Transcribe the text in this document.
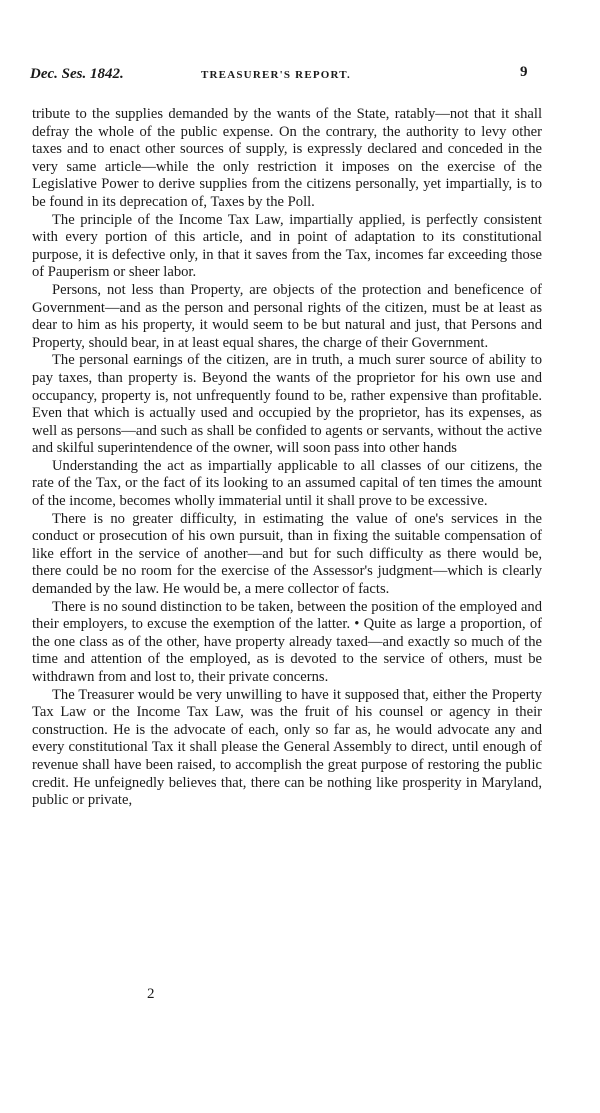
Dec. Ses. 1842.	TREASURER'S REPORT.	9

tribute to the supplies demanded by the wants of the State, ratably—not that it shall defray the whole of the public expense. On the contrary, the authority to levy other taxes and to enact other sources of supply, is expressly declared and conceded in the very same article—while the only restriction it imposes on the exercise of the Legislative Power to derive supplies from the citizens personally, yet impartially, is to be found in its deprecation of, Taxes by the Poll.

The principle of the Income Tax Law, impartially applied, is perfectly consistent with every portion of this article, and in point of adaptation to its constitutional purpose, it is defective only, in that it saves from the Tax, incomes far exceeding those of Pauperism or sheer labor.

Persons, not less than Property, are objects of the protection and beneficence of Government—and as the person and personal rights of the citizen, must be at least as dear to him as his property, it would seem to be but natural and just, that Persons and Property, should bear, in at least equal shares, the charge of their Government.

The personal earnings of the citizen, are in truth, a much surer source of ability to pay taxes, than property is. Beyond the wants of the proprietor for his own use and occupancy, property is, not unfrequently found to be, rather expensive than profitable. Even that which is actually used and occupied by the proprietor, has its expenses, as well as persons—and such as shall be confided to agents or servants, without the active and skilful superintendence of the owner, will soon pass into other hands

Understanding the act as impartially applicable to all classes of our citizens, the rate of the Tax, or the fact of its looking to an assumed capital of ten times the amount of the income, becomes wholly immaterial until it shall prove to be excessive.

There is no greater difficulty, in estimating the value of one's services in the conduct or prosecution of his own pursuit, than in fixing the suitable compensation of like effort in the service of another—and but for such difficulty as there would be, there could be no room for the exercise of the Assessor's judgment—which is clearly demanded by the law. He would be, a mere collector of facts.

There is no sound distinction to be taken, between the position of the employed and their employers, to excuse the exemption of the latter. • Quite as large a proportion, of the one class as of the other, have property already taxed—and exactly so much of the time and attention of the employed, as is devoted to the service of others, must be withdrawn from and lost to, their private concerns.

The Treasurer would be very unwilling to have it supposed that, either the Property Tax Law or the Income Tax Law, was the fruit of his counsel or agency in their construction. He is the advocate of each, only so far as, he would advocate any and every constitutional Tax it shall please the General Assembly to direct, until enough of revenue shall have been raised, to accomplish the great purpose of restoring the public credit. He unfeignedly believes that, there can be nothing like prosperity in Maryland, public or private,

2
